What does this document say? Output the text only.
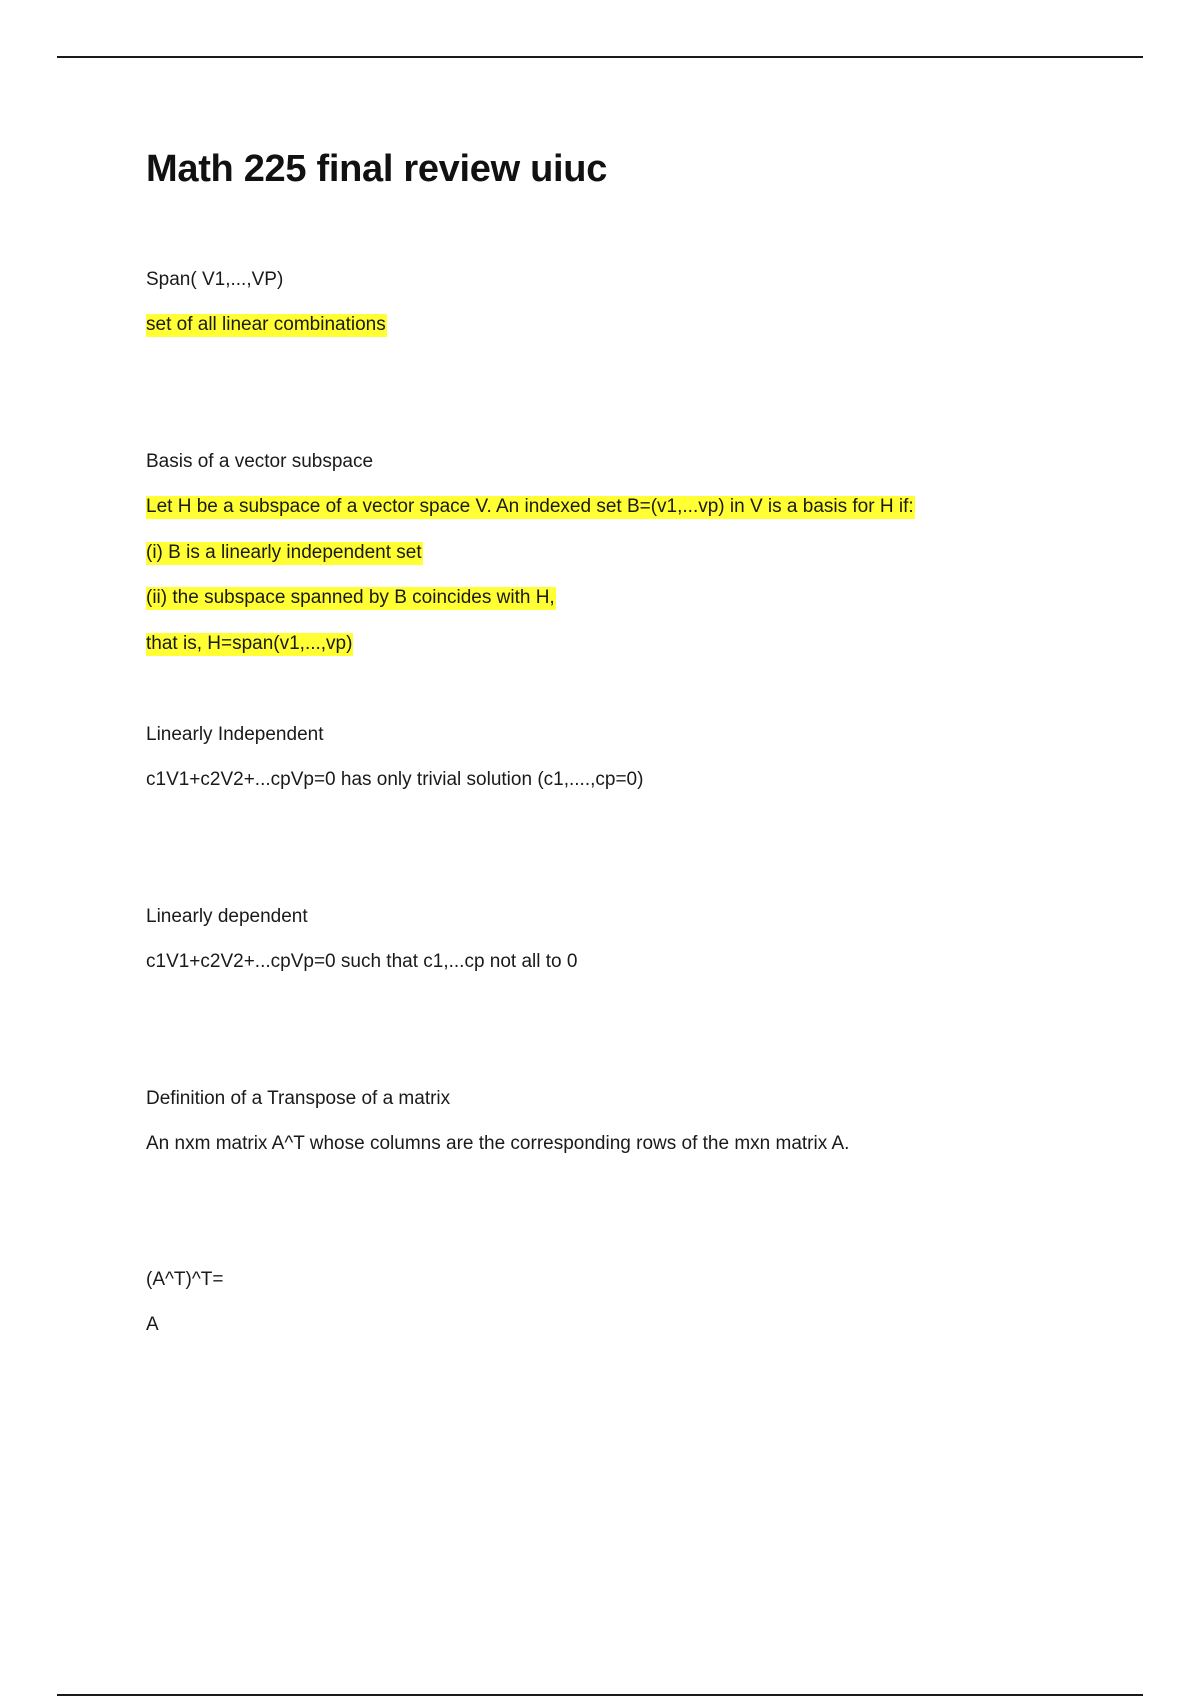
Math 225 final review uiuc
Span( V1,...,VP)
set of all linear combinations
Basis of a vector subspace
Let H be a subspace of a vector space V. An indexed set B=(v1,...vp) in V is a basis for H if:
(i) B is a linearly independent set
(ii) the subspace spanned by B coincides with H,
that is, H=span(v1,...,vp)
Linearly Independent
c1V1+c2V2+...cpVp=0 has only trivial solution (c1,....,cp=0)
Linearly dependent
c1V1+c2V2+...cpVp=0 such that c1,...cp not all to 0
Definition of a Transpose of a matrix
An nxm matrix A^T whose columns are the corresponding rows of the mxn matrix A.
(A^T)^T=
A
